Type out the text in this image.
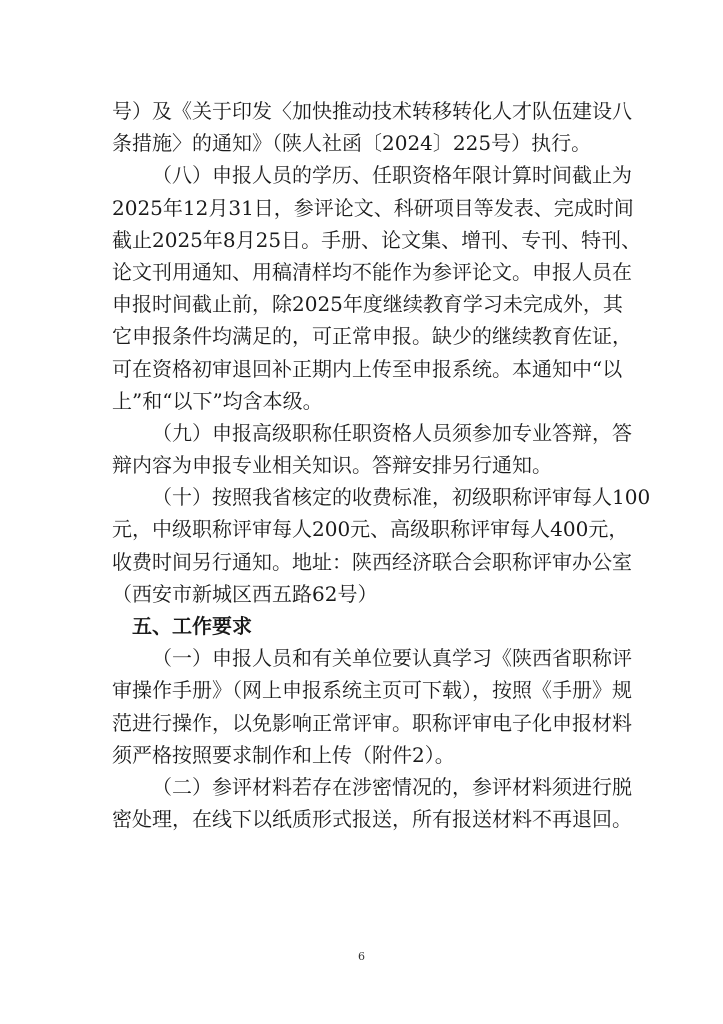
号）及《关于印发〈加快推动技术转移转化人才队伍建设八
条措施〉的通知》（陕人社函〔2024〕225号）执行。
（八）申报人员的学历、任职资格年限计算时间截止为
2025年12月31日，参评论文、科研项目等发表、完成时间
截止2025年8月25日。手册、论文集、增刊、专刊、特刊、
论文刊用通知、用稿清样均不能作为参评论文。申报人员在
申报时间截止前，除2025年度继续教育学习未完成外，其
它申报条件均满足的，可正常申报。缺少的继续教育佐证，
可在资格初审退回补正期内上传至申报系统。本通知中“以
上”和“以下”均含本级。
（九）申报高级职称任职资格人员须参加专业答辩，答
辩内容为申报专业相关知识。答辩安排另行通知。
（十）按照我省核定的收费标准，初级职称评审每人100
元，中级职称评审每人200元、高级职称评审每人400元，
收费时间另行通知。地址：陕西经济联合会职称评审办公室
（西安市新城区西五路62号）
五、工作要求
（一）申报人员和有关单位要认真学习《陕西省职称评
审操作手册》（网上申报系统主页可下载），按照《手册》规
范进行操作，以免影响正常评审。职称评审电子化申报材料
须严格按照要求制作和上传（附件2）。
（二）参评材料若存在涉密情况的，参评材料须进行脱
密处理，在线下以纸质形式报送，所有报送材料不再退回。
6
